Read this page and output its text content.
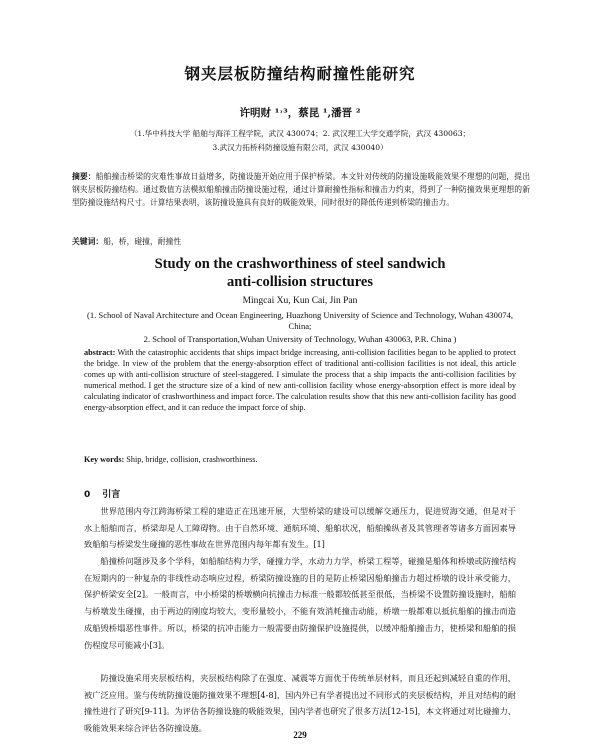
钢夹层板防撞结构耐撞性能研究
许明财 ¹˒³，蔡昆 ¹,潘晋 ²
（1.华中科技大学 船舶与海洋工程学院，武汉 430074；2. 武汉理工大学交通学院，武汉 430063；
3.武汉力拓桥科防撞设施有限公司，武汉 430040）
摘要：船舶撞击桥梁的灾难性事故日益增多，防撞设施开始应用于保护桥梁。本文针对传统的防撞设施吸能效果不理想的问题，提出钢夹层板防撞结构。通过数值方法模拟船舶撞击防撞设施过程，通过计算耐撞性指标和撞击力约束，得到了一种防撞效果更理想的新型防撞设施结构尺寸。计算结果表明，该防撞设施具有良好的吸能效果，同时很好的降低传递到桥梁的撞击力。
关键词：船，桥，碰撞，耐撞性
Study on the crashworthiness of steel sandwich
anti-collision structures
Mingcai Xu, Kun Cai, Jin Pan
(1. School of Naval Architecture and Ocean Engineering, Huazhong University of Science and Technology, Wuhan 430074, China;
2. School of Transportation,Wuhan University of Technology, Wuhan 430063, P.R. China )
abstract: With the catastrophic accidents that ships impact bridge increasing, anti-collision facilities began to be applied to protect the bridge. In view of the problem that the energy-absorption effect of traditional anti-collision facilities is not ideal, this article comes up with anti-collision structure of steel-staggered. I simulate the process that a ship impacts the anti-collision facilities by numerical method. I get the structure size of a kind of new anti-collision facility whose energy-absorption effect is more ideal by calculating indicator of crashworthiness and impact force. The calculation results show that this new anti-collision facility has good energy-absorption effect, and it can reduce the impact force of ship.
Key words: Ship, bridge, collision, crashworthiness.
0 引言
世界范围内夸江跨海桥梁工程的建造正在迅速开展，大型桥梁的建设可以缓解交通压力，促进贸海交通，但是对于水上船舶而言，桥梁却是人工障碍物。由于自然环境、通航环境、船舶状况，船舶操纵者及其管理者等诸多方面因素导致船舶与桥梁发生碰撞的恶性事故在世界范围内每年都有发生。[1]
船撞桥问题涉及多个学科，如船舶结构力学，碰撞力学，水动力力学，桥梁工程等，碰撞是船体和桥墩或防撞结构在短期内的一种复杂的非线性动态响应过程，桥梁防撞设施的目的是防止桥梁因船舶撞击力超过桥墩的设计承受能力，保护桥梁安全[2]。一般而言，中小桥梁的桥墩横向抗撞击力标准一般都较低甚至很低，当桥梁不设置防撞设施时，船舶与桥墩发生碰撞，由于两边的刚度均较大，变形量较小，不能有效消耗撞击动能，桥墩一般都难以抵抗船舶的撞击而造成船毁桥塌恶性事件。所以，桥梁的抗冲击能力一般需要由防撞保护设施提供，以缓冲船舶撞击力，使桥梁和船舶的损伤程度尽可能减小[3]。
防撞设施采用夹层板结构，夹层板结构除了在强度、减震等方面优于传统单层材料，而且还起到减轻自重的作用，被广泛应用。鉴与传统防撞设施防撞效果不理想[4-8]，国内外已有学者提出过不同形式的夹层板结构，并且对结构的耐撞性进行了研究[9-11]。为评估各防撞设施的吸能效果，国内学者也研究了很多方法[12-15]，本文将通过对比碰撞力、吸能效果来综合评估各防撞设施。
229
